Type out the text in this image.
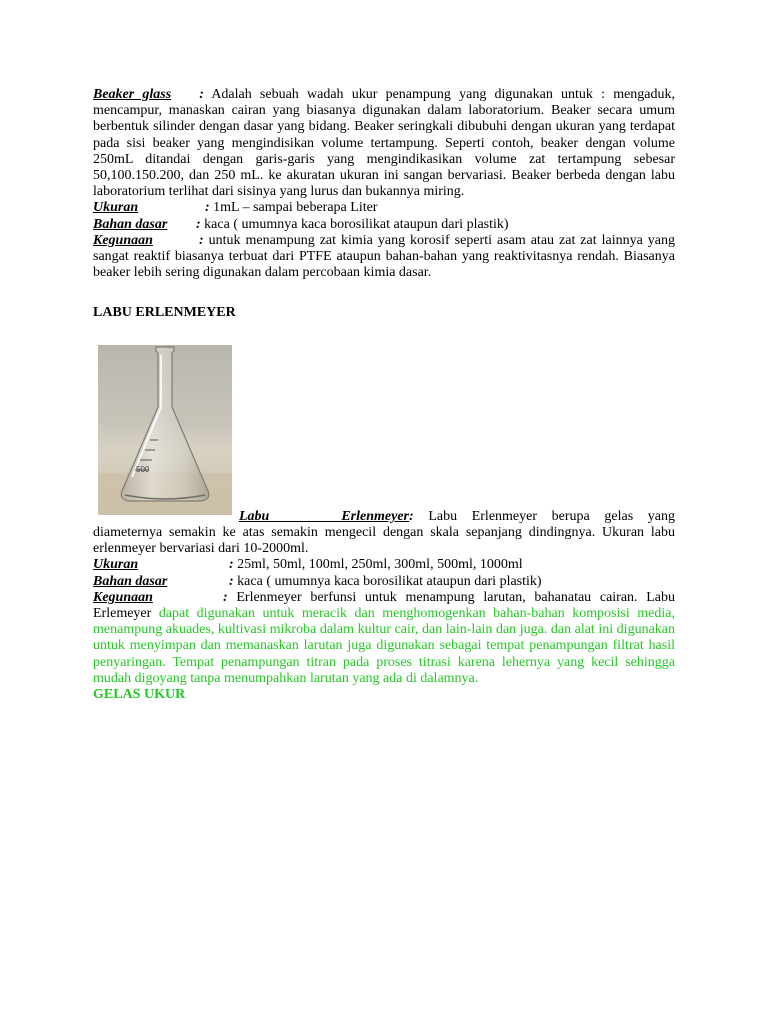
Beaker glass : Adalah sebuah wadah ukur penampung yang digunakan untuk : mengaduk, mencampur, manaskan cairan yang biasanya digunakan dalam laboratorium. Beaker secara umum berbentuk silinder dengan dasar yang bidang. Beaker seringkali dibubuhi dengan ukuran yang terdapat pada sisi beaker yang mengindisikan volume tertampung. Seperti contoh, beaker dengan volume 250mL ditandai dengan garis-garis yang mengindikasikan volume zat tertampung sebesar 50,100.150.200, dan 250 mL. ke akuratan ukuran ini sangan bervariasi. Beaker berbeda dengan labu laboratorium terlihat dari sisinya yang lurus dan bukannya miring.
Ukuran	: 1mL – sampai beberapa Liter
Bahan dasar : kaca ( umumnya kaca borosilikat ataupun dari plastik)
Kegunaan	: untuk menampung zat kimia yang korosif seperti asam atau zat zat lainnya yang sangat reaktif biasanya terbuat dari PTFE ataupun bahan-bahan yang reaktivitasnya rendah. Biasanya beaker lebih sering digunakan dalam percobaan kimia dasar.
LABU ERLENMEYER
500
Labu Erlenmeyer: Labu Erlenmeyer berupa gelas yang
diameternya semakin ke atas semakin mengecil dengan skala sepanjang dindingnya. Ukuran labu erlenmeyer bervariasi dari 10-2000ml.
Ukuran	: 25ml, 50ml, 100ml, 250ml, 300ml, 500ml, 1000ml
Bahan dasar	: kaca ( umumnya kaca borosilikat ataupun dari plastik)
Kegunaan	: Erlenmeyer berfunsi untuk menampung larutan, bahanatau cairan. Labu Erlemeyer dapat digunakan untuk meracik dan menghomogenkan bahan-bahan komposisi media, menampung akuades, kultivasi mikroba dalam kultur cair, dan lain-lain dan juga. dan alat ini digunakan untuk menyimpan dan memanaskan larutan juga digunakan sebagai tempat penampungan filtrat hasil penyaringan. Tempat penampungan titran pada proses titrasi karena lehernya yang kecil sehingga mudah digoyang tanpa menumpahkan larutan yang ada di dalamnya.
GELAS UKUR
